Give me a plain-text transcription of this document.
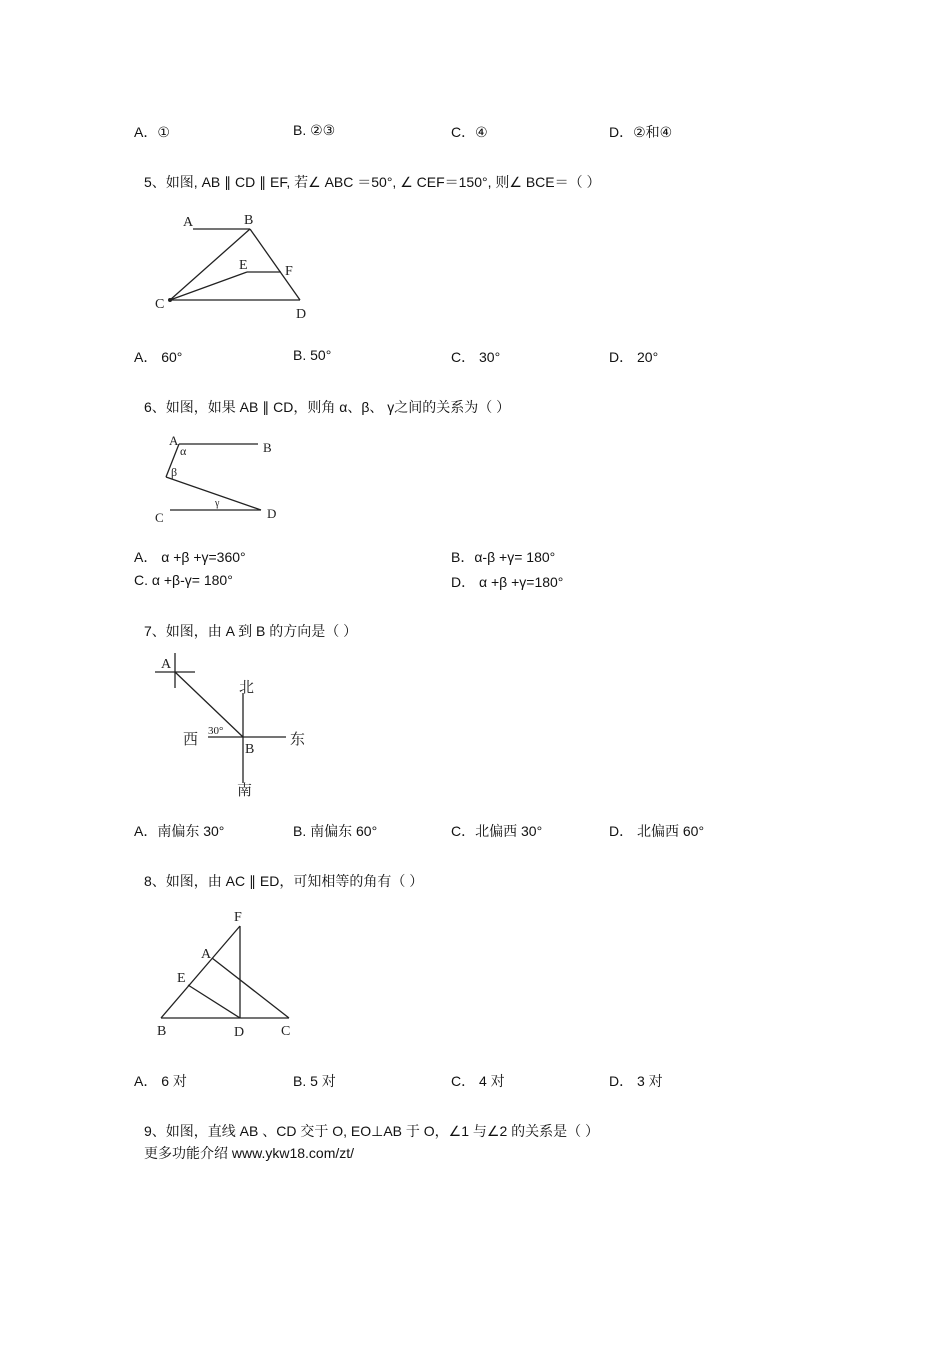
A．①	B. ②③	C．④	D．②和④
5、如图, AB ∥ CD ∥ EF, 若∠ ABC ＝50°, ∠ CEF＝150°, 则∠ BCE＝（ ）
A	B
E	F
C
D
A． 60°	B. 50°	C． 30°	D． 20°
6、如图，如果 AB ∥ CD，则角 α、β、 γ之间的关系为（ ）
A	B
α
β
γ
C	D
A． α +β +γ=360°	B．α-β +γ= 180°
C. α +β-γ= 180°	D． α +β +γ=180°
7、如图，由 A 到 B 的方向是（ ）
A
北
西 30°
B
东
南
A．南偏东 30°	B. 南偏东 60°	C．北偏西 30°	D． 北偏西 60°
8、如图，由 AC ∥ ED，可知相等的角有（ ）
F
A
E
B	D	C
A． 6 对	B. 5 对	C． 4 对	D． 3 对
9、如图，直线 AB 、CD 交于 O, EO⊥AB 于 O，∠1 与∠2 的关系是（ ）
更多功能介绍 www.ykw18.com/zt/
